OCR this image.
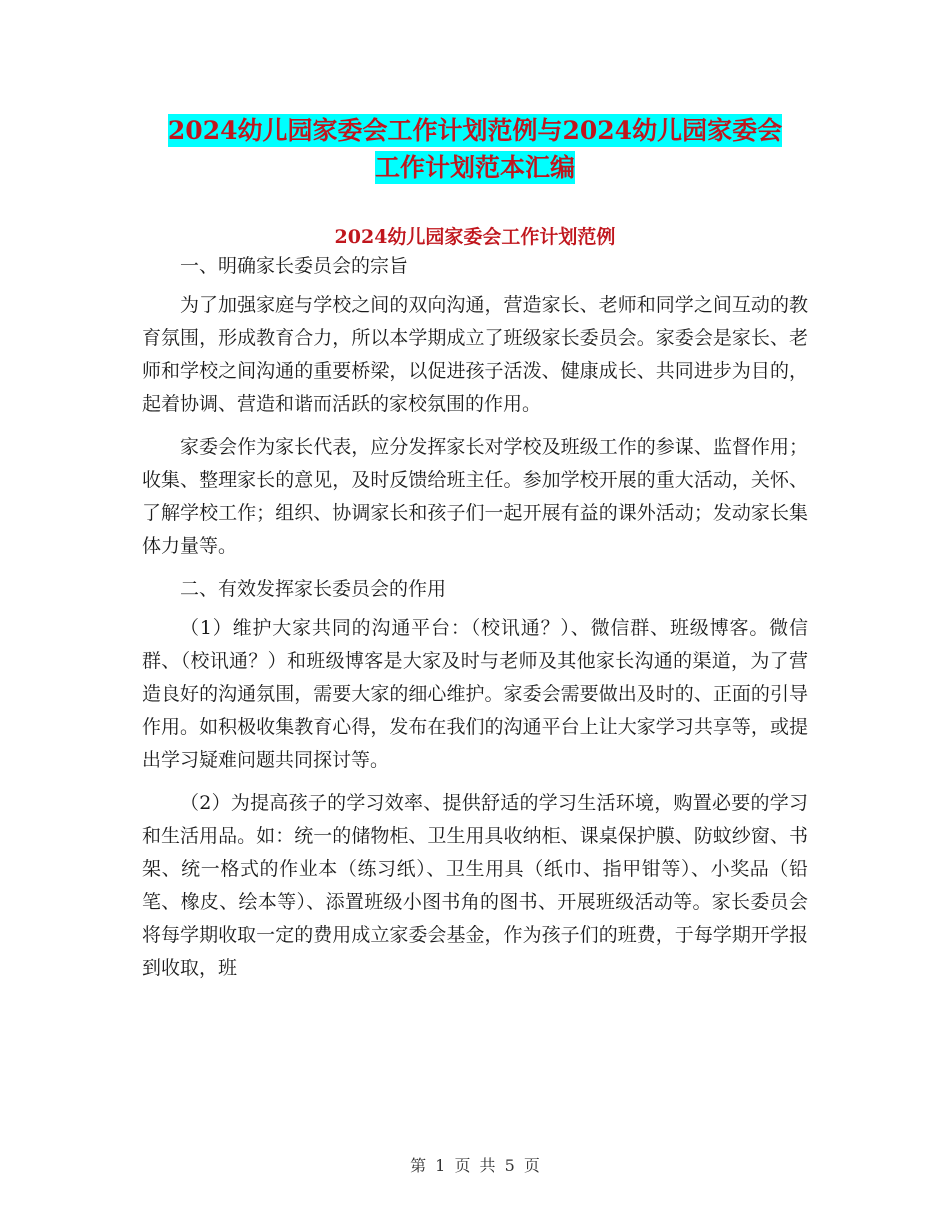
2024幼儿园家委会工作计划范例与2024幼儿园家委会
工作计划范本汇编
2024幼儿园家委会工作计划范例

一、明确家长委员会的宗旨

为了加强家庭与学校之间的双向沟通，营造家长、老师和同学之间互动的教育氛围，形成教育合力，所以本学期成立了班级家长委员会。家委会是家长、老师和学校之间沟通的重要桥梁，以促进孩子活泼、健康成长、共同进步为目的，起着协调、营造和谐而活跃的家校氛围的作用。

家委会作为家长代表，应分发挥家长对学校及班级工作的参谋、监督作用；收集、整理家长的意见，及时反馈给班主任。参加学校开展的重大活动，关怀、了解学校工作；组织、协调家长和孩子们一起开展有益的课外活动；发动家长集体力量等。

二、有效发挥家长委员会的作用

（1）维护大家共同的沟通平台：（校讯通？）、微信群、班级博客。微信群、（校讯通？）和班级博客是大家及时与老师及其他家长沟通的渠道，为了营造良好的沟通氛围，需要大家的细心维护。家委会需要做出及时的、正面的引导作用。如积极收集教育心得，发布在我们的沟通平台上让大家学习共享等，或提出学习疑难问题共同探讨等。

（2）为提高孩子的学习效率、提供舒适的学习生活环境，购置必要的学习和生活用品。如：统一的储物柜、卫生用具收纳柜、课桌保护膜、防蚊纱窗、书架、统一格式的作业本（练习纸）、卫生用具（纸巾、指甲钳等）、小奖品（铅笔、橡皮、绘本等）、添置班级小图书角的图书、开展班级活动等。家长委员会将每学期收取一定的费用成立家委会基金，作为孩子们的班费，于每学期开学报到收取，班

第 1 页 共 5 页
